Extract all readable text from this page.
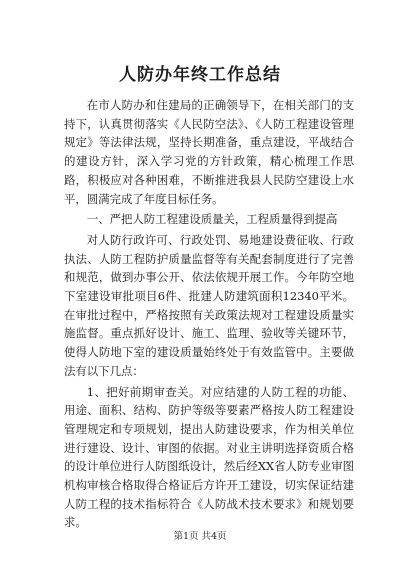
人防办年终工作总结

在市人防办和住建局的正确领导下，在相关部门的支持下，认真贯彻落实《人民防空法》、《人防工程建设管理规定》等法律法规，坚持长期准备，重点建设，平战结合的建设方针，深入学习党的方针政策，精心梳理工作思路，积极应对各种困难，不断推进我县人民防空建设上水平，圆满完成了年度目标任务。

一、严把人防工程建设质量关，工程质量得到提高

对人防行政许可、行政处罚、易地建设费征收、行政执法、人防工程防护质量监督等有关配套制度进行了完善和规范，做到办事公开、依法依规开展工作。今年防空地下室建设审批项目6件、批建人防建筑面积12340平米。在审批过程中，严格按照有关政策法规对工程建设质量实施监督。重点抓好设计、施工、监理、验收等关键环节，使得人防地下室的建设质量始终处于有效监管中。主要做法有以下几点：

1、把好前期审查关。对应结建的人防工程的功能、用途、面积、结构、防护等级等要素严格按人防工程建设管理规定和专项规划，提出人防建设要求，作为相关单位进行建设、设计、审图的依据。对业主讲明选择资质合格的设计单位进行人防图纸设计，然后经XX省人防专业审图机构审核合格取得合格证后方许开工建设，切实保证结建人防工程的技术指标符合《人防战术技术要求》和规划要求。

第1页 共4页
